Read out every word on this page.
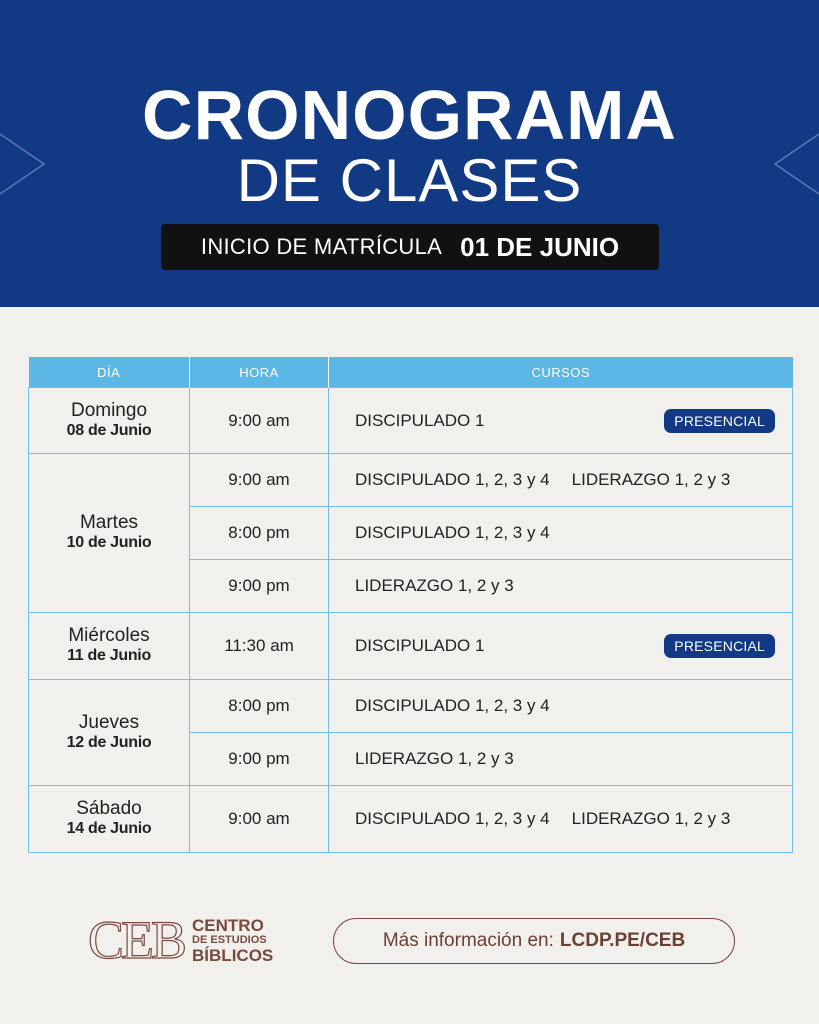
CRONOGRAMA
DE CLASES
INICIO DE MATRÍCULA 01 DE JUNIO
DÍA	HORA	CURSOS

Domingo
08 de Junio	9:00 am	DISCIPULADO 1 PRESENCIAL

Martes
10 de Junio	9:00 am	DISCIPULADO 1, 2, 3 y 4 LIDERAZGO 1, 2 y 3
	8:00 pm	DISCIPULADO 1, 2, 3 y 4
	9:00 pm	LIDERAZGO 1, 2 y 3

Miércoles
11 de Junio	11:30 am	DISCIPULADO 1 PRESENCIAL

Jueves
12 de Junio	8:00 pm	DISCIPULADO 1, 2, 3 y 4
	9:00 pm	LIDERAZGO 1, 2 y 3

Sábado
14 de Junio	9:00 am	DISCIPULADO 1, 2, 3 y 4 LIDERAZGO 1, 2 y 3
CEB CENTRO
DE ESTUDIOS
BÍBLICOS
Más información en: LCDP.PE/CEB
